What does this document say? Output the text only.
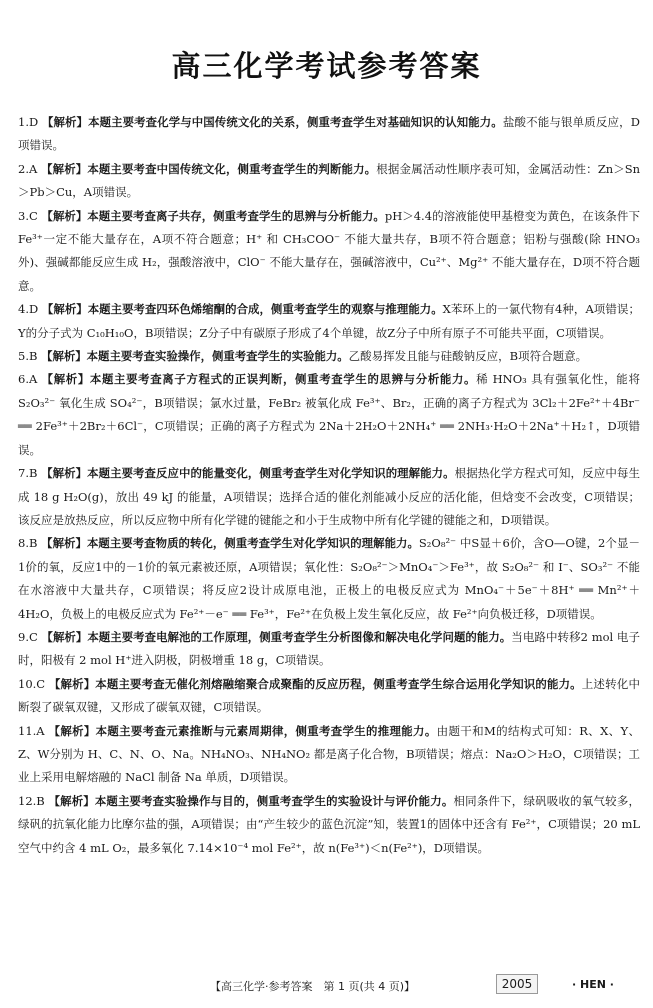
高三化学考试参考答案

1.D 【解析】本题主要考查化学与中国传统文化的关系，侧重考查学生对基础知识的认知能力。盐酸不能与银单质反应，D项错误。

2.A 【解析】本题主要考查中国传统文化，侧重考查学生的判断能力。根据金属活动性顺序表可知，金属活动性：Zn＞Sn＞Pb＞Cu，A项错误。

3.C 【解析】本题主要考查离子共存，侧重考查学生的思辨与分析能力。pH＞4.4的溶液能使甲基橙变为黄色，在该条件下 Fe³⁺一定不能大量存在，A项不符合题意；H⁺ 和 CH₃COO⁻ 不能大量共存，B项不符合题意；铝粉与强酸(除 HNO₃ 外)、强碱都能反应生成 H₂，强酸溶液中，ClO⁻ 不能大量存在，强碱溶液中，Cu²⁺、Mg²⁺ 不能大量存在，D项不符合题意。

4.D 【解析】本题主要考查四环色烯缩酮的合成，侧重考查学生的观察与推理能力。X苯环上的一氯代物有4种，A项错误；Y的分子式为 C₁₀H₁₀O，B项错误；Z分子中有碳原子形成了4个单键，故Z分子中所有原子不可能共平面，C项错误。

5.B 【解析】本题主要考查实验操作，侧重考查学生的实验能力。乙酸易挥发且能与硅酸钠反应，B项符合题意。

6.A 【解析】本题主要考查离子方程式的正误判断，侧重考查学生的思辨与分析能力。稀 HNO₃ 具有强氧化性，能将 S₂O₃²⁻ 氧化生成 SO₄²⁻，B项错误；氯水过量，FeBr₂ 被氧化成 Fe³⁺、Br₂，正确的离子方程式为 3Cl₂＋2Fe²⁺＋4Br⁻ ══ 2Fe³⁺＋2Br₂＋6Cl⁻，C项错误；正确的离子方程式为 2Na＋2H₂O＋2NH₄⁺ ══ 2NH₃·H₂O＋2Na⁺＋H₂↑，D项错误。

7.B 【解析】本题主要考查反应中的能量变化，侧重考查学生对化学知识的理解能力。根据热化学方程式可知，反应中每生成 18 g H₂O(g)，放出 49 kJ 的能量，A项错误；选择合适的催化剂能减小反应的活化能，但焓变不会改变，C项错误；该反应是放热反应，所以反应物中所有化学键的键能之和小于生成物中所有化学键的键能之和，D项错误。

8.B 【解析】本题主要考查物质的转化，侧重考查学生对化学知识的理解能力。S₂O₈²⁻ 中S显＋6价，含O—O键，2个显－1价的氧，反应1中的－1价的氧元素被还原，A项错误；氧化性：S₂O₈²⁻＞MnO₄⁻＞Fe³⁺，故 S₂O₈²⁻ 和 I⁻、SO₃²⁻ 不能在水溶液中大量共存，C项错误；将反应2设计成原电池，正极上的电极反应式为 MnO₄⁻＋5e⁻＋8H⁺ ══ Mn²⁺＋4H₂O，负极上的电极反应式为 Fe²⁺－e⁻ ══ Fe³⁺，Fe²⁺在负极上发生氧化反应，故 Fe²⁺向负极迁移，D项错误。

9.C 【解析】本题主要考查电解池的工作原理，侧重考查学生分析图像和解决电化学问题的能力。当电路中转移2 mol 电子时，阳极有 2 mol H⁺进入阴极，阴极增重 18 g，C项错误。

10.C 【解析】本题主要考查无催化剂熔融缩聚合成聚酯的反应历程，侧重考查学生综合运用化学知识的能力。上述转化中断裂了碳氧双键，又形成了碳氧双键，C项错误。

11.A 【解析】本题主要考查元素推断与元素周期律，侧重考查学生的推理能力。由题干和M的结构式可知：R、X、Y、Z、W分别为 H、C、N、O、Na。NH₄NO₃、NH₄NO₂ 都是离子化合物，B项错误；熔点：Na₂O＞H₂O，C项错误；工业上采用电解熔融的 NaCl 制备 Na 单质，D项错误。

12.B 【解析】本题主要考查实验操作与目的，侧重考查学生的实验设计与评价能力。相同条件下，绿矾吸收的氧气较多，绿矾的抗氧化能力比摩尔盐的强，A项错误；由“产生较少的蓝色沉淀”知，装置1的固体中还含有 Fe²⁺，C项错误；20 mL 空气中约含 4 mL O₂，最多氧化 7.14×10⁻⁴ mol Fe²⁺，故 n(Fe³⁺)＜n(Fe²⁺)，D项错误。

【高三化学·参考答案　第 1 页(共 4 页)】	2005	· HEN ·
